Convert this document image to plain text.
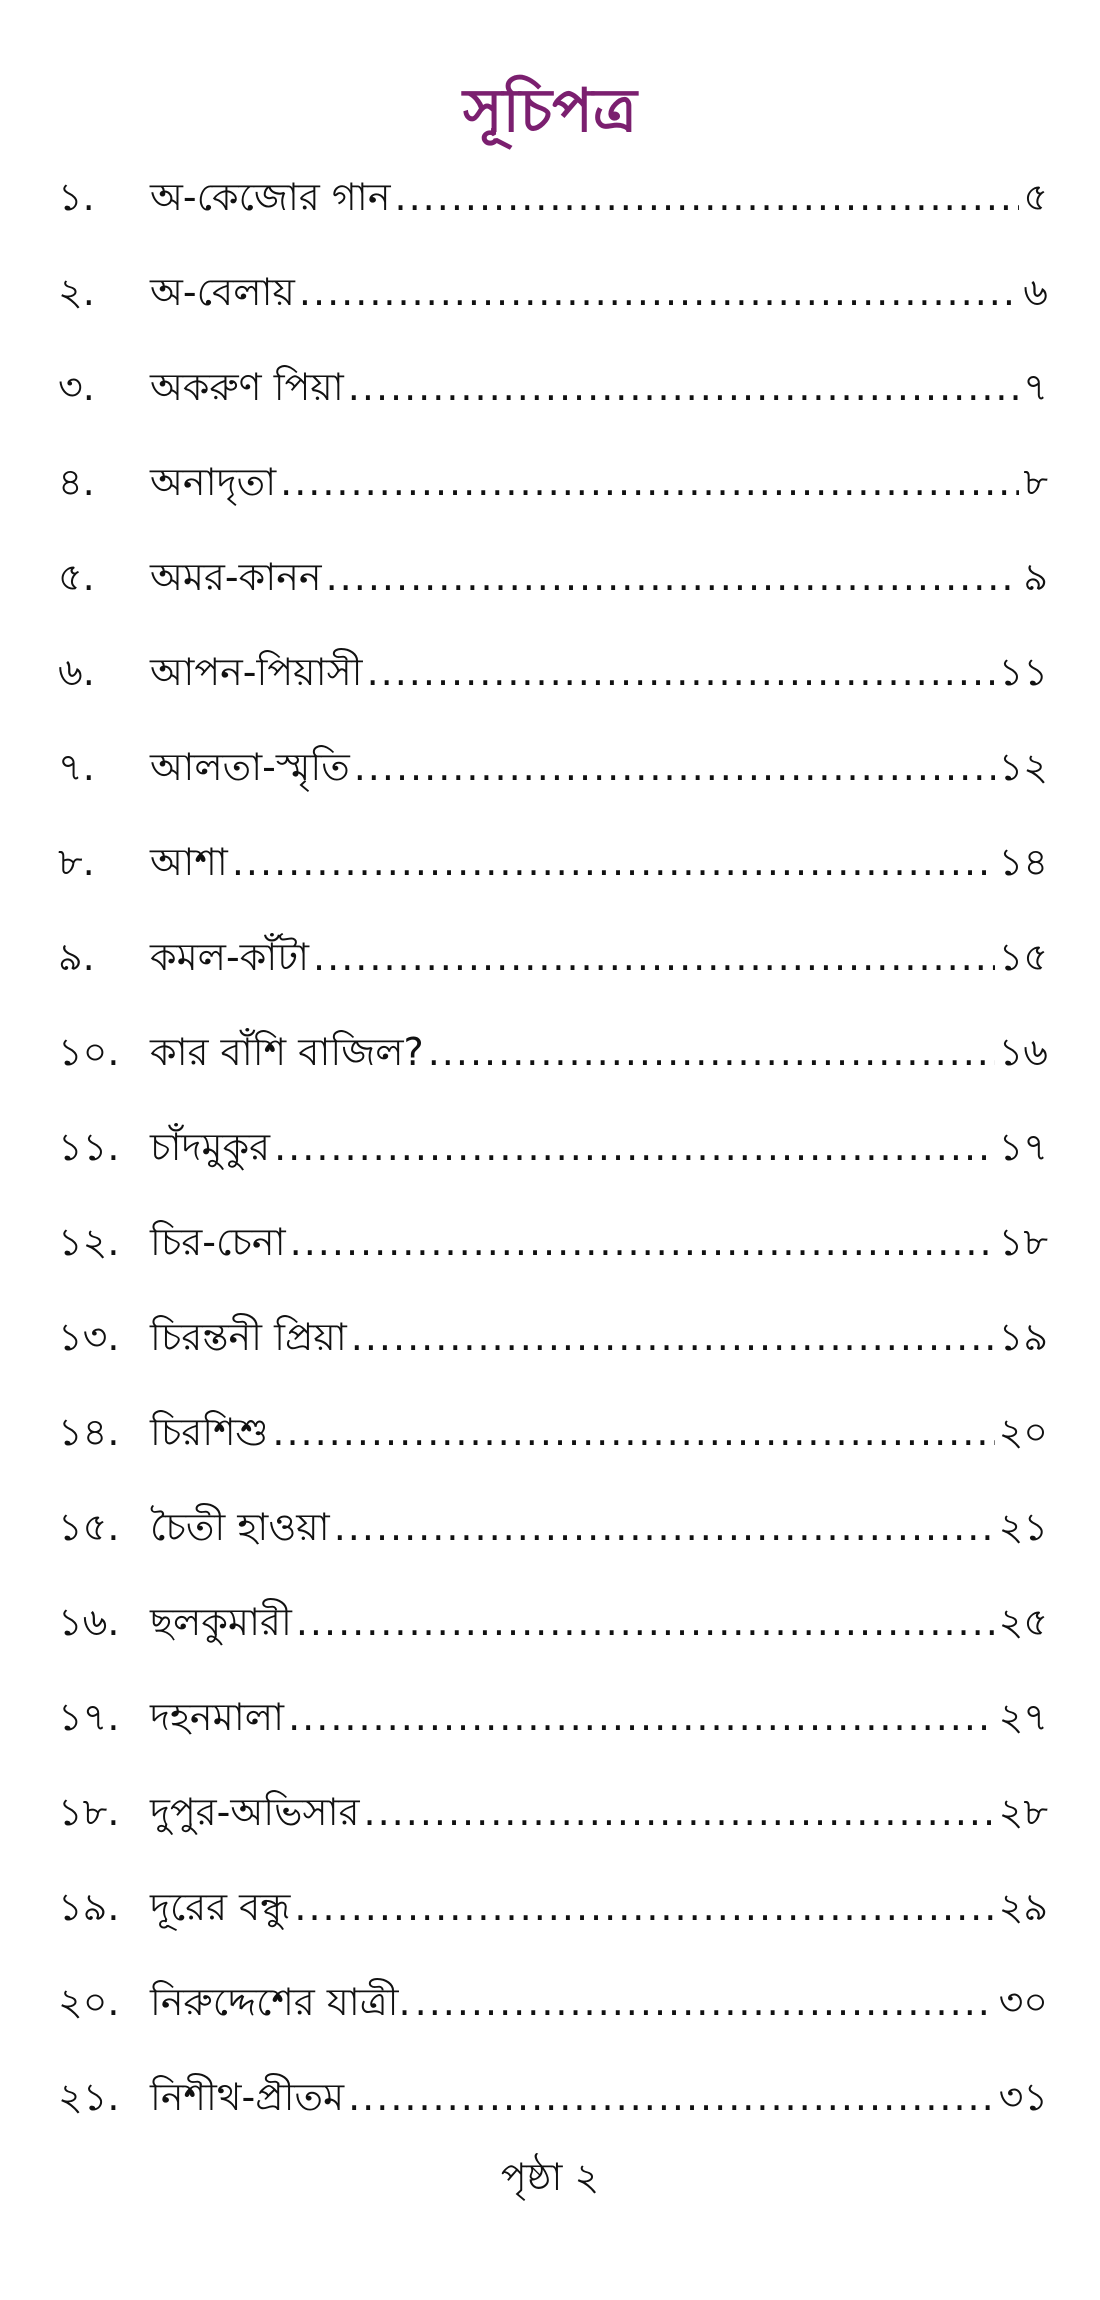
সূচিপত্র
১.	অ-কেজোর গান .....	৫
২.	অ-বেলায় .....	৬
৩.	অকরুণ পিয়া .....	৭
৪.	অনাদৃতা .....	৮
৫.	অমর-কানন .....	৯
৬.	আপন-পিয়াসী .....	১১
৭.	আলতা-স্মৃতি .....	১২
৮.	আশা .....	১৪
৯.	কমল-কাঁটা .....	১৫
১০. কার বাঁশি বাজিল? .....	১৬
১১. চাঁদমুকুর .....	১৭
১২. চির-চেনা .....	১৮
১৩. চিরন্তনী প্রিয়া .....	১৯
১৪. চিরশিশু .....	২০
১৫. চৈতী হাওয়া .....	২১
১৬. ছলকুমারী .....	২৫
১৭. দহনমালা .....	২৭
১৮. দুপুর-অভিসার .....	২৮
১৯. দূরের বন্ধু .....	২৯
২০. নিরুদ্দেশের যাত্রী. .....	৩০
২১. নিশীথ-প্রীতম .....	৩১
পৃষ্ঠা ২
